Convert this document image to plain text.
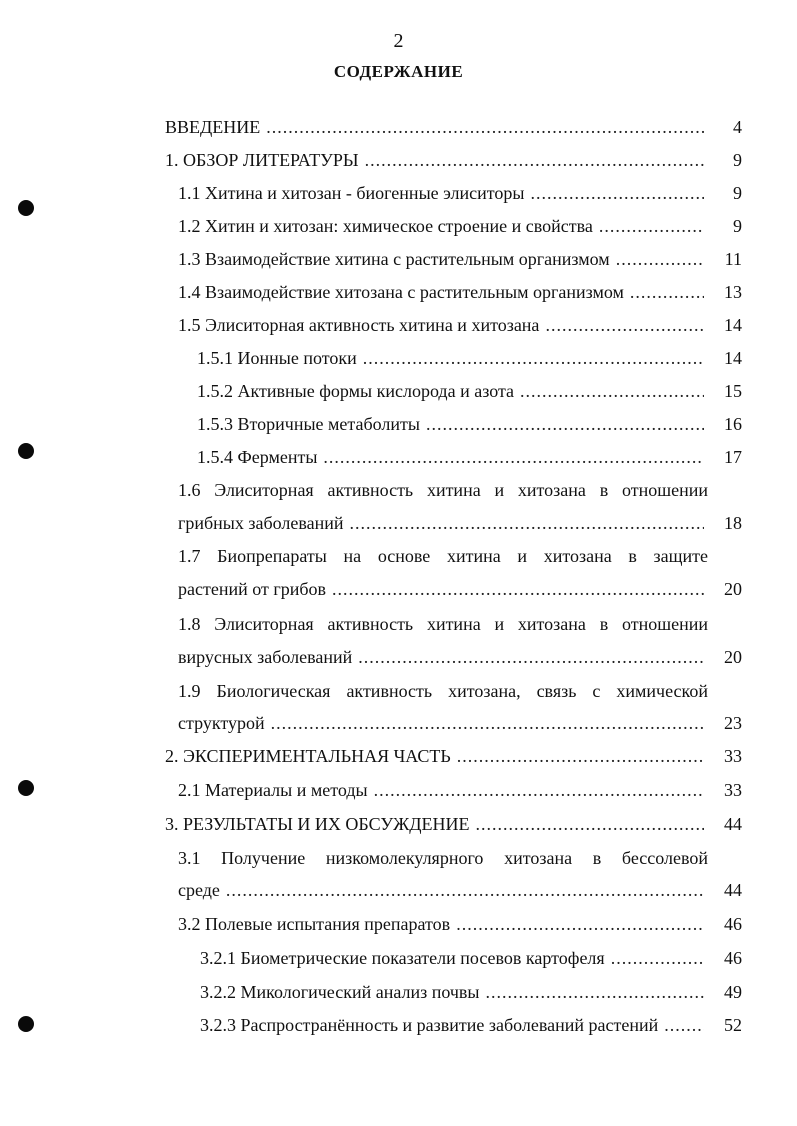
2
СОДЕРЖАНИЕ
ВВЕДЕНИЕ .....	4
1. ОБЗОР ЛИТЕРАТУРЫ .....	9
1.1 Хитина и хитозан - биогенные элиситоры .....	9
1.2 Хитин и хитозан: химическое строение и свойства .....	9
1.3 Взаимодействие хитина с растительным организмом .....	11
1.4 Взаимодействие хитозана с растительным организмом .....	13
1.5 Элиситорная активность хитина и хитозана .....	14
1.5.1 Ионные потоки .....	14
1.5.2 Активные формы кислорода и азота .....	15
1.5.3 Вторичные метаболиты .....	16
1.5.4 Ферменты .....	17
1.6 Элиситорная активность хитина и хитозана в отношении
грибных заболеваний .....	18
1.7 Биопрепараты на основе хитина и хитозана в защите
растений от грибов .....	20
1.8 Элиситорная активность хитина и хитозана в отношении
вирусных заболеваний .....	20
1.9 Биологическая активность хитозана, связь с химической
структурой .....	23
2. ЭКСПЕРИМЕНТАЛЬНАЯ ЧАСТЬ .....	33
2.1 Материалы и методы .....	33
3. РЕЗУЛЬТАТЫ И ИХ ОБСУЖДЕНИЕ .....	44
3.1 Получение низкомолекулярного хитозана в бессолевой
среде .....	44
3.2 Полевые испытания препаратов .....	46
3.2.1 Биометрические показатели посевов картофеля .....	46
3.2.2 Микологический анализ почвы .....	49
3.2.3 Распространённость и развитие заболеваний растений .....	52
